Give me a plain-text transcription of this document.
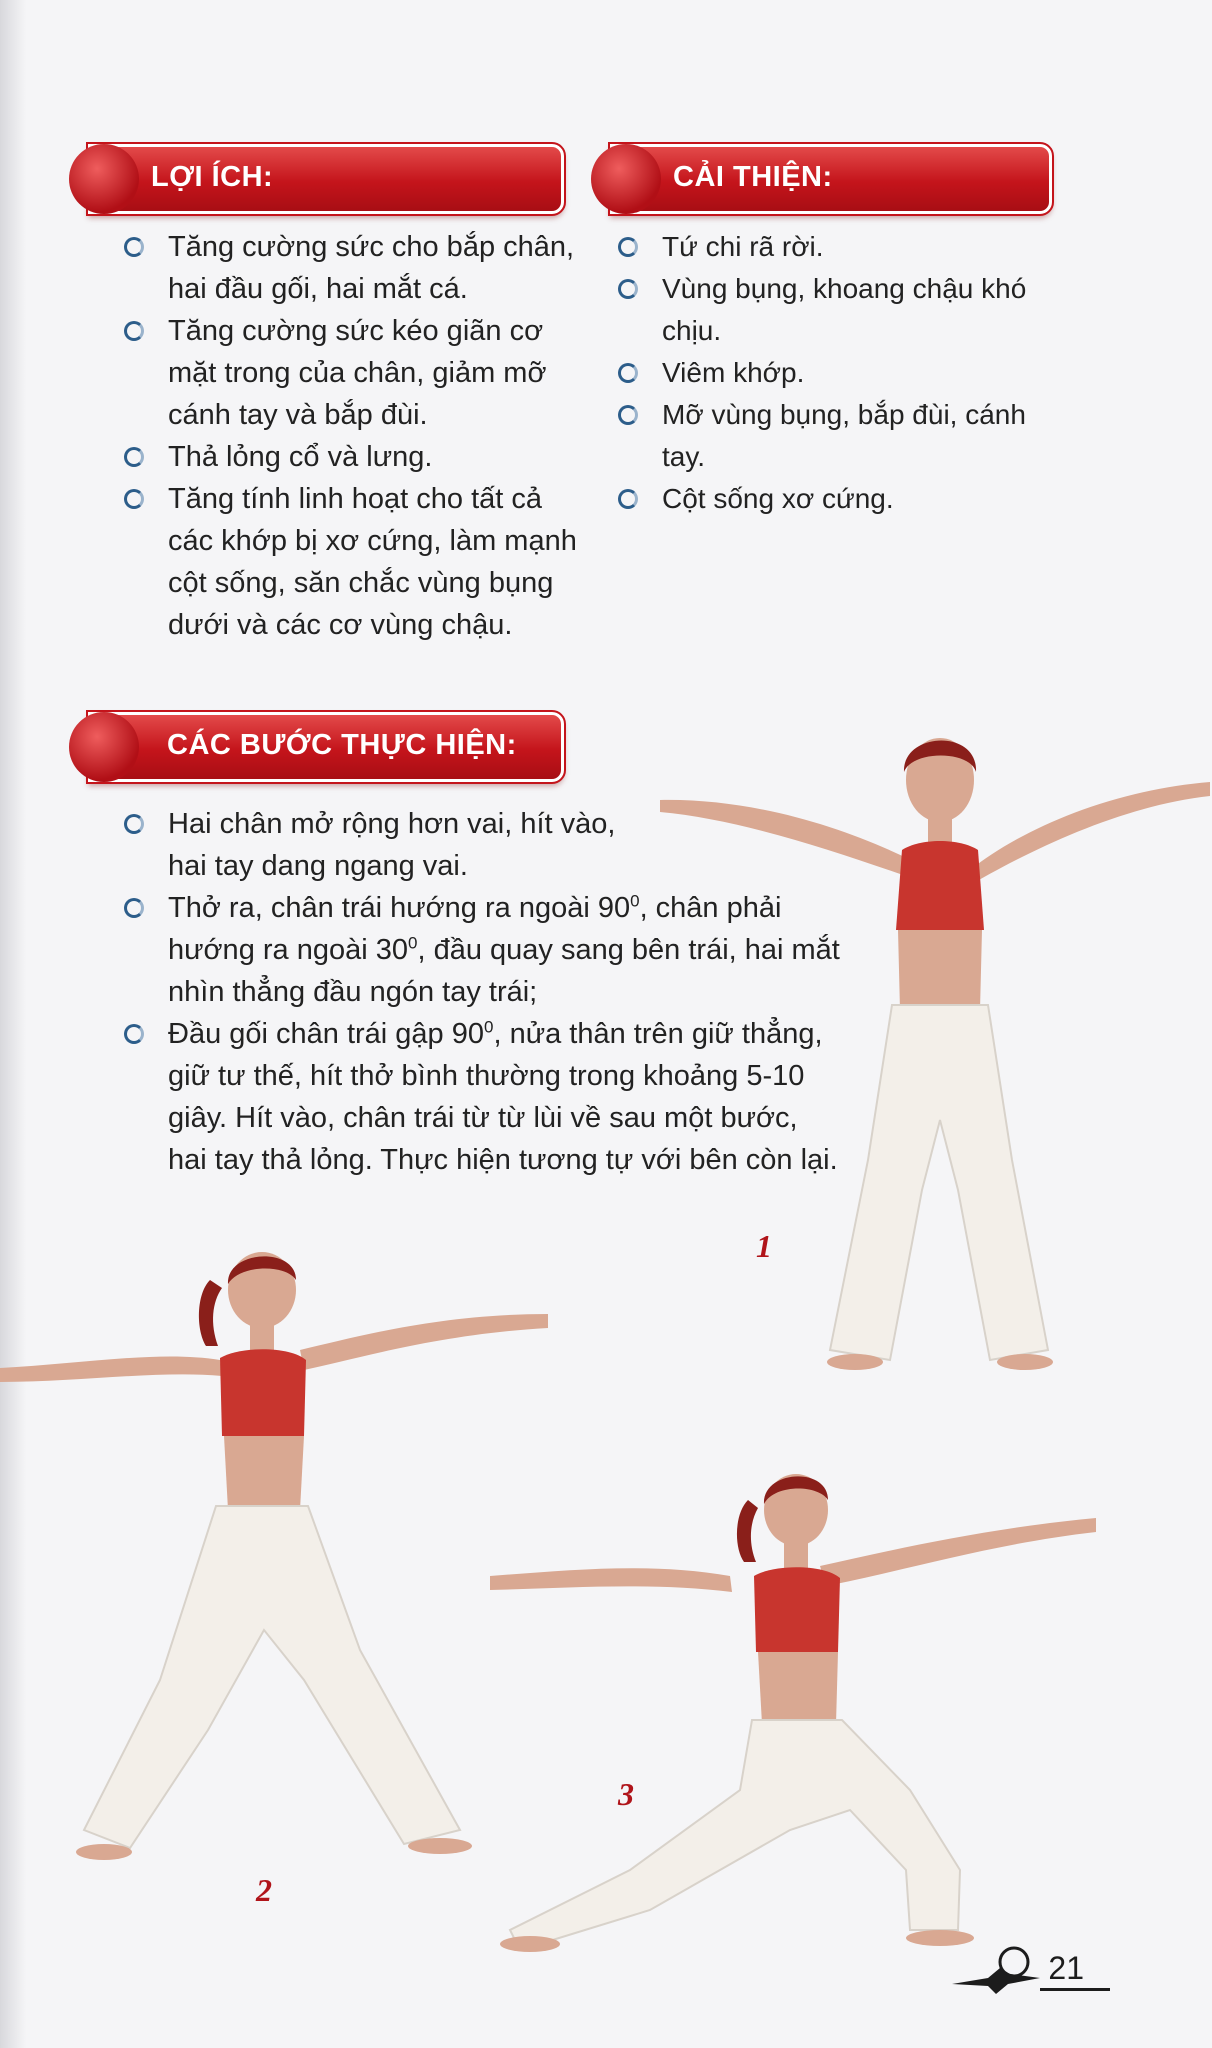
LỢI ÍCH:
Tăng cường sức cho bắp chân, hai đầu gối, hai mắt cá.
Tăng cường sức kéo giãn cơ mặt trong của chân, giảm mỡ cánh tay và bắp đùi.
Thả lỏng cổ và lưng.
Tăng tính linh hoạt cho tất cả các khớp bị xơ cứng, làm mạnh cột sống, săn chắc vùng bụng dưới và các cơ vùng chậu.
CẢI THIỆN:
Tứ chi rã rời.
Vùng bụng, khoang chậu khó chịu.
Viêm khớp.
Mỡ vùng bụng, bắp đùi, cánh tay.
Cột sống xơ cứng.
CÁC BƯỚC THỰC HIỆN:
Hai chân mở rộng hơn vai, hít vào, hai tay dang ngang vai.
Thở ra, chân trái hướng ra ngoài $90^0$, chân phải hướng ra ngoài $30^0$, đầu quay sang bên trái, hai mắt nhìn thẳng đầu ngón tay trái;
Đầu gối chân trái gập $90^0$, nửa thân trên giữ thẳng, giữ tư thế, hít thở bình thường trong khoảng 5-10 giây. Hít vào, chân trái từ từ lùi về sau một bước, hai tay thả lỏng. Thực hiện tương tự với bên còn lại.
1
2
3
21
